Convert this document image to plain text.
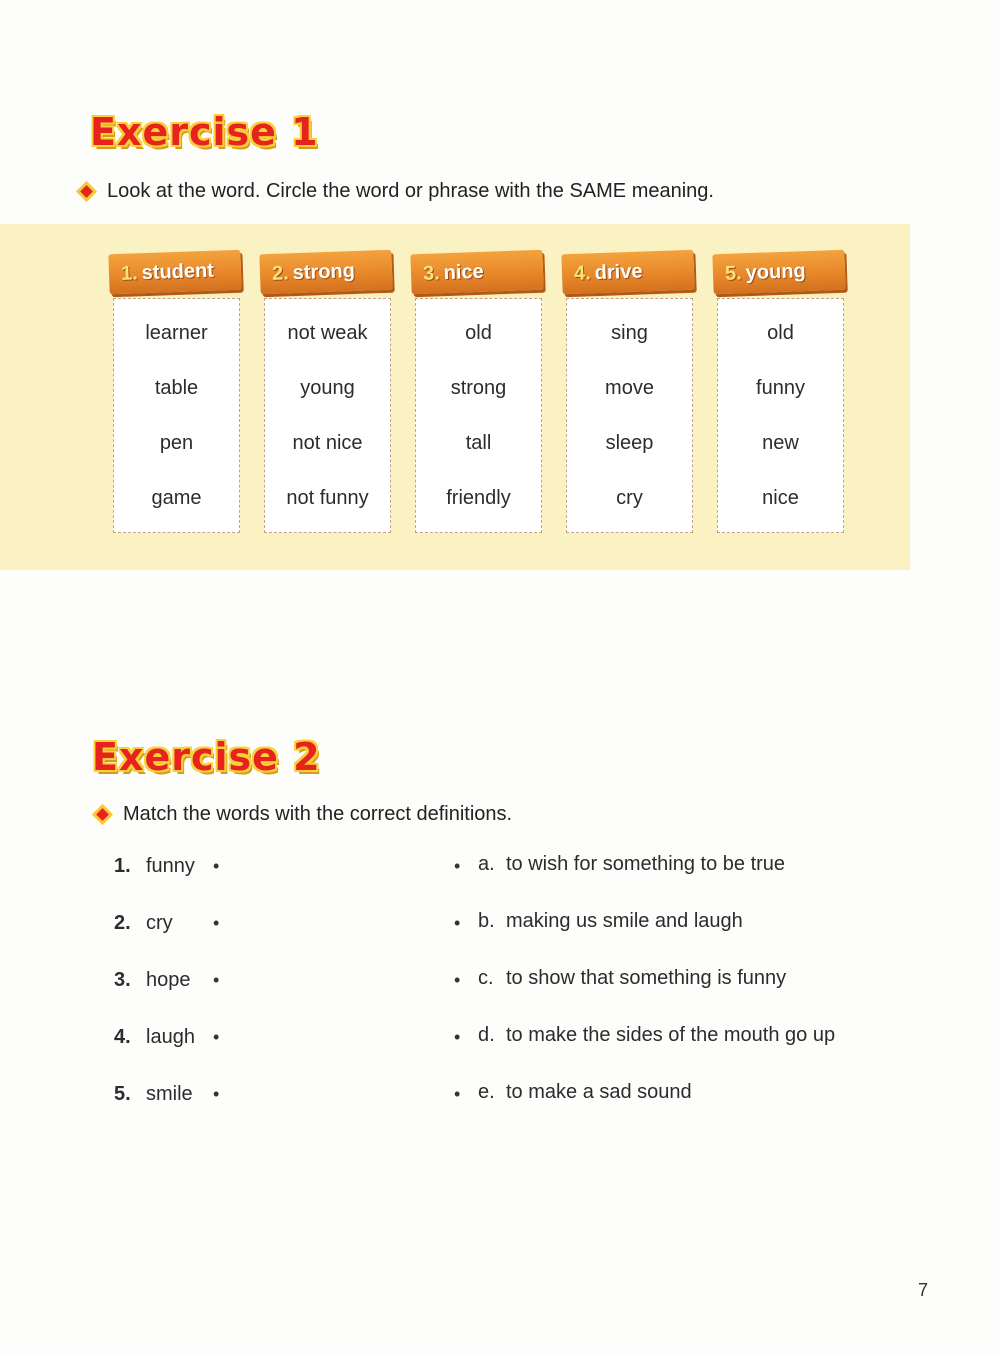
Exercise 1
Look at the word. Circle the word or phrase with the SAME meaning.
1. student
learner
table
pen
game
2. strong
not weak
young
not nice
not funny
3. nice
old
strong
tall
friendly
4. drive
sing
move
sleep
cry
5. young
old
funny
new
nice
Exercise 2
Match the words with the correct definitions.
1. funny
2. cry
3. hope
4. laugh
5. smile
•
•
•
•
•
•
•
•
•
•
a. to wish for something to be true
b. making us smile and laugh
c. to show that something is funny
d. to make the sides of the mouth go up
e. to make a sad sound
7
